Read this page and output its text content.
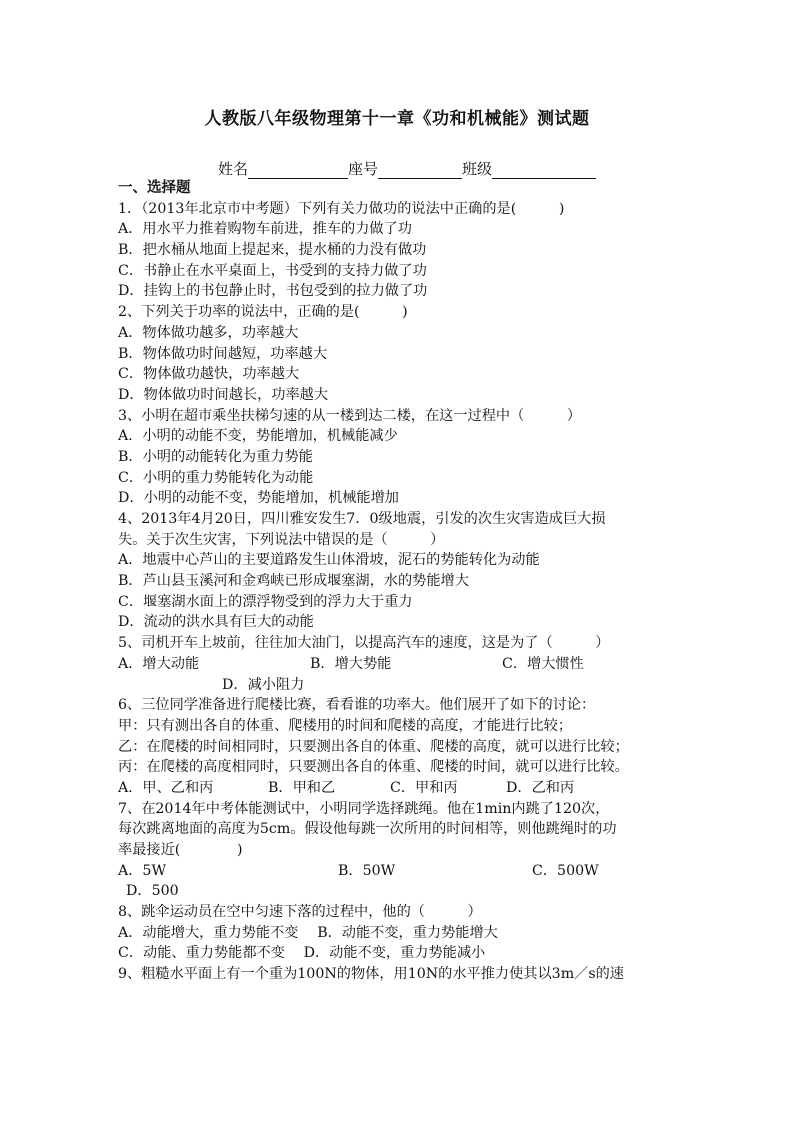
人教版八年级物理第十一章《功和机械能》测试题
姓名	座号	班级
一、选择题
1．（2013年北京市中考题）下列有关力做功的说法中正确的是(　　　)
A．用水平力推着购物车前进，推车的力做了功
B．把水桶从地面上提起来，提水桶的力没有做功
C．书静止在水平桌面上，书受到的支持力做了功
D．挂钩上的书包静止时，书包受到的拉力做了功
2、下列关于功率的说法中，正确的是(　　　)
A．物体做功越多，功率越大
B．物体做功时间越短，功率越大
C．物体做功越快，功率越大
D．物体做功时间越长，功率越大
3、小明在超市乘坐扶梯匀速的从一楼到达二楼，在这一过程中（　　　）
A．小明的动能不变，势能增加，机械能减少
B．小明的动能转化为重力势能
C．小明的重力势能转化为动能
D．小明的动能不变，势能增加，机械能增加
4、2013年4月20日，四川雅安发生7．0级地震，引发的次生灾害造成巨大损
失。关于次生灾害，下列说法中错误的是（　　　）
A．地震中心芦山的主要道路发生山体滑坡，泥石的势能转化为动能
B．芦山县玉溪河和金鸡峡已形成堰塞湖，水的势能增大
C．堰塞湖水面上的漂浮物受到的浮力大于重力
D．流动的洪水具有巨大的动能
5、司机开车上坡前，往往加大油门，以提高汽车的速度，这是为了（　　　）
A．增大动能	B．增大势能	C．增大惯性
D．减小阻力
6、三位同学准备进行爬楼比赛，看看谁的功率大。他们展开了如下的讨论：
甲：只有测出各自的体重、爬楼用的时间和爬楼的高度，才能进行比较；
乙：在爬楼的时间相同时，只要测出各自的体重、爬楼的高度，就可以进行比较；
丙：在爬楼的高度相同时，只要测出各自的体重、爬楼的时间，就可以进行比较。
A．甲、乙和丙	B．甲和乙	C．甲和丙	D．乙和丙
7、在2014年中考体能测试中，小明同学选择跳绳。他在1min内跳了120次，
每次跳离地面的高度为5cm。假设他每跳一次所用的时间相等，则他跳绳时的功
率最接近(　　　　)
A．5W	B．50W	C．500W
D．500
8、跳伞运动员在空中匀速下落的过程中，他的（　　　）
A．动能增大，重力势能不变　 B．动能不变，重力势能增大
C．动能、重力势能都不变　 D．动能不变，重力势能减小
9、粗糙水平面上有一个重为100N的物体，用10N的水平推力使其以3m／s的速
